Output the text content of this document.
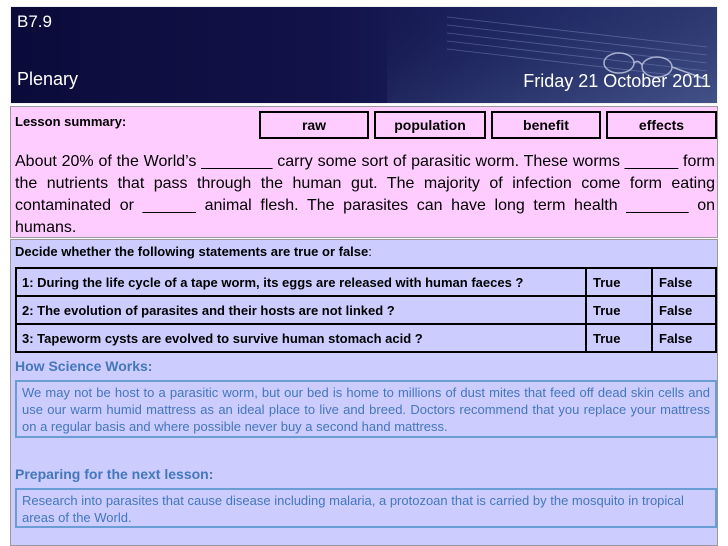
B7.9
Plenary	Friday 21 October 2011
Lesson summary:	raw	population	benefit	effects
About 20% of the World’s ________ carry some sort of parasitic worm. These worms ______ form the nutrients that pass through the human gut. The majority of infection come form eating contaminated or ______ animal flesh. The parasites can have long term health _______ on humans.
Decide whether the following statements are true or false:
1: During the life cycle of a tape worm, its eggs are released with human faeces ?	True	False
2: The evolution of parasites and their hosts are not linked ?	True	False
3: Tapeworm cysts are evolved to survive human stomach acid ?	True	False
How Science Works:
We may not be host to a parasitic worm, but our bed is home to millions of dust mites that feed off dead skin cells and use our warm humid mattress as an ideal place to live and breed. Doctors recommend that you replace your mattress on a regular basis and where possible never buy a second hand mattress.
Preparing for the next lesson:
Research into parasites that cause disease including malaria, a protozoan that is carried by the mosquito in tropical areas of the World.
